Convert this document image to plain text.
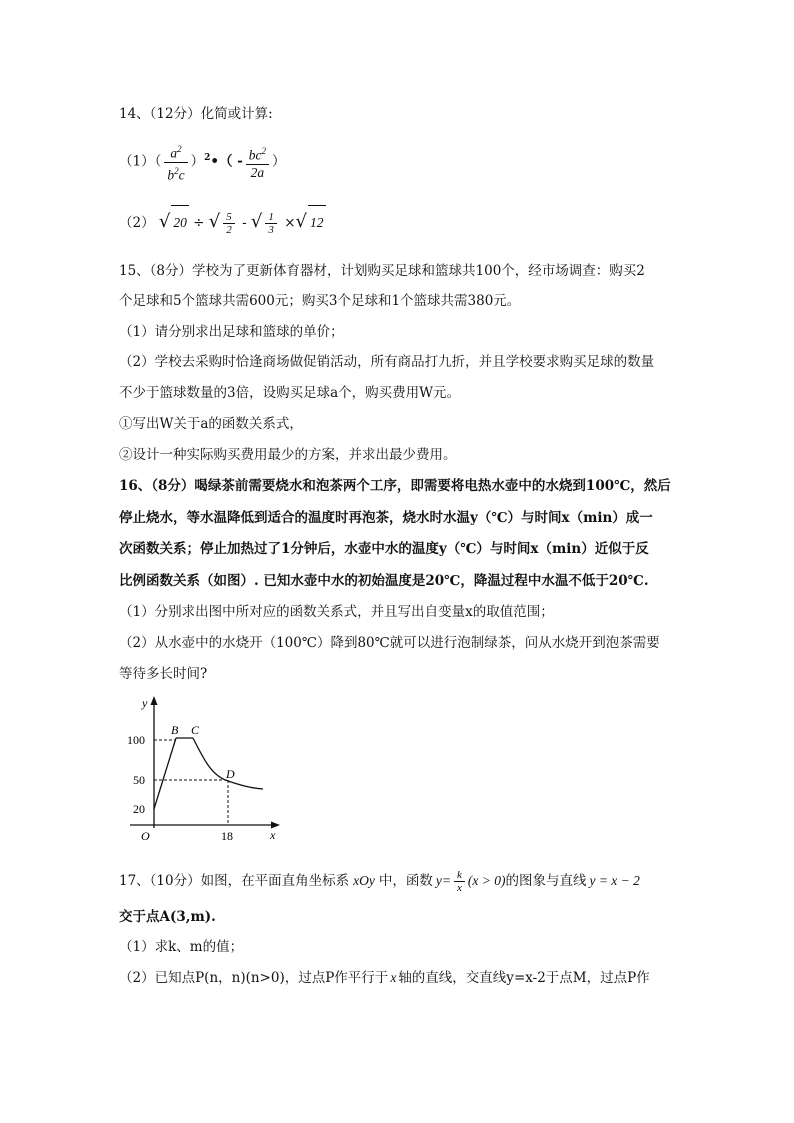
14、（12分）化简或计算:
$(1)( \frac{a^2}{b^2c}$ ）$^2•( - \frac{bc^2}{2a}$ ）
（2） √ 20 ÷ √ $\frac{5}{2}$ - √ $\frac{1}{3}$ ×√ 12
15、（8分）学校为了更新体育器材，计划购买足球和篮球共100个，经市场调查：购买2
个足球和5个篮球共需600元；购买3个足球和1个篮球共需380元。
（1）请分别求出足球和篮球的单价；
（2）学校去采购时恰逢商场做促销活动，所有商品打九折，并且学校要求购买足球的数量
不少于篮球数量的3倍，设购买足球a个，购买费用W元。
①写出W关于a的函数关系式，
②设计一种实际购买费用最少的方案，并求出最少费用。
16、（8分）喝绿茶前需要烧水和泡茶两个工序，即需要将电热水壶中的水烧到100℃，然后
停止烧水，等水温降低到适合的温度时再泡茶，烧水时水温y（℃）与时间x（min）成一
次函数关系；停止加热过了1分钟后，水壶中水的温度y（℃）与时间x（min）近似于反
比例函数关系（如图）. 已知水壶中水的初始温度是20℃，降温过程中水温不低于20℃.
（1）分别求出图中所对应的函数关系式，并且写出自变量x的取值范围；
（2）从水壶中的水烧开（100℃）降到80℃就可以进行泡制绿茶，问从水烧开到泡茶需要
等待多长时间?
y
x
O
100
50
20
18
B C
D
17、（10分）如图，在平面直角坐标系 xOy 中，函数 $y= \frac{k}{x} (x > 0)$的图象与直线 y = x − 2
交于点A(3,m).
（1）求k、m的值；
（2）已知点P(n，n)(n>0)，过点P作平行于 x 轴的直线，交直线y=x-2于点M，过点P作
